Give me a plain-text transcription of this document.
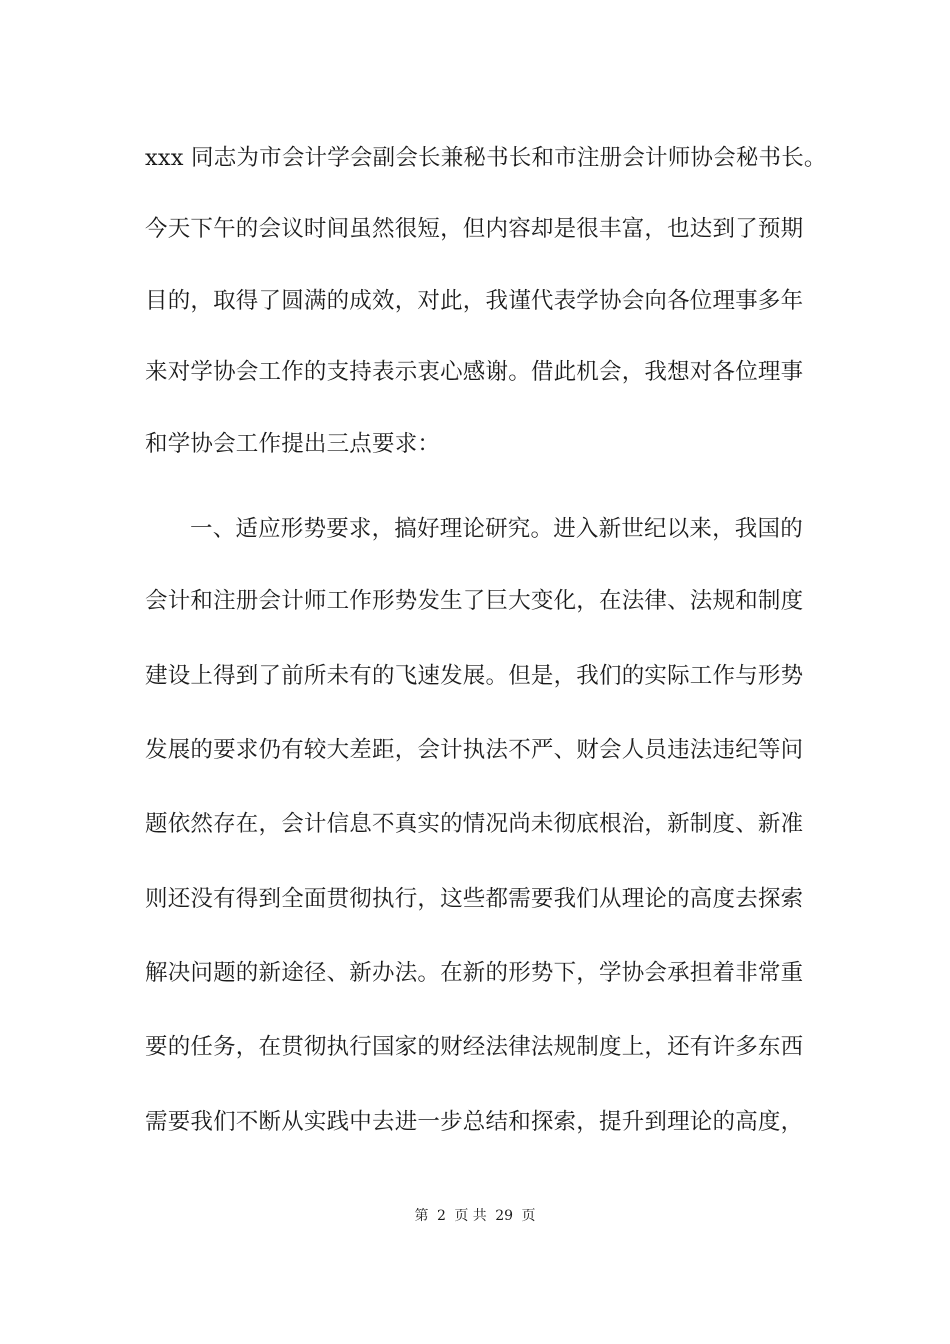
xxx 同志为市会计学会副会长兼秘书长和市注册会计师协会秘书长。
今天下午的会议时间虽然很短，但内容却是很丰富，也达到了预期
目的，取得了圆满的成效，对此，我谨代表学协会向各位理事多年
来对学协会工作的支持表示衷心感谢。借此机会，我想对各位理事
和学协会工作提出三点要求：
一、适应形势要求，搞好理论研究。进入新世纪以来，我国的
会计和注册会计师工作形势发生了巨大变化，在法律、法规和制度
建设上得到了前所未有的飞速发展。但是，我们的实际工作与形势
发展的要求仍有较大差距，会计执法不严、财会人员违法违纪等问
题依然存在，会计信息不真实的情况尚未彻底根治，新制度、新准
则还没有得到全面贯彻执行，这些都需要我们从理论的高度去探索
解决问题的新途径、新办法。在新的形势下，学协会承担着非常重
要的任务，在贯彻执行国家的财经法律法规制度上，还有许多东西
需要我们不断从实践中去进一步总结和探索，提升到理论的高度，
第 2 页 共 29 页
